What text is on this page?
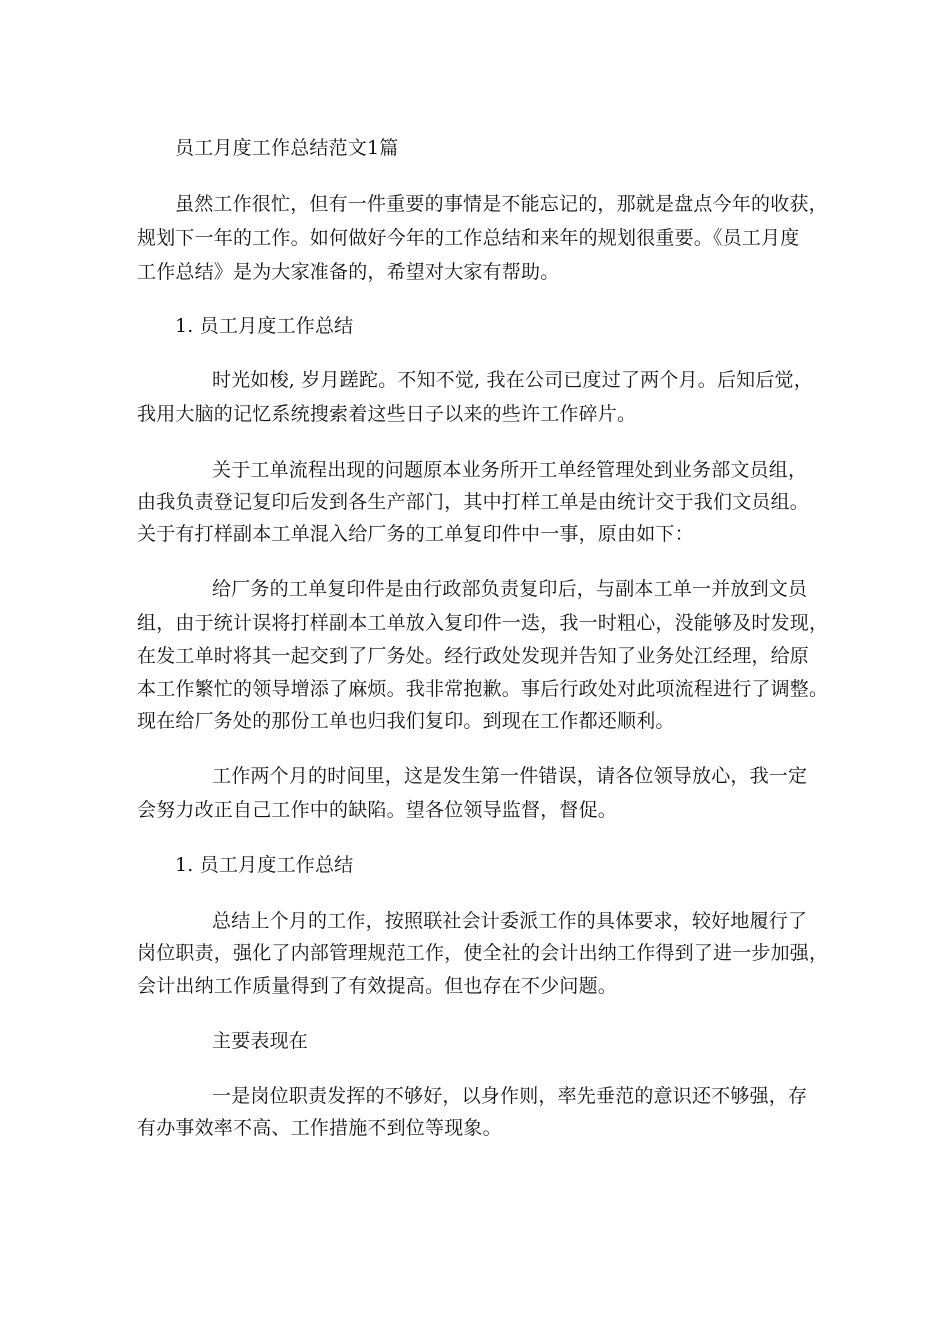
员工月度工作总结范文1篇
虽然工作很忙，但有一件重要的事情是不能忘记的，那就是盘点今年的收获，
规划下一年的工作。如何做好今年的工作总结和来年的规划很重要。《员工月度
工作总结》是为大家准备的，希望对大家有帮助。
1. 员工月度工作总结
时光如梭, 岁月蹉跎。不知不觉, 我在公司已度过了两个月。后知后觉，
我用大脑的记忆系统搜索着这些日子以来的些许工作碎片。
关于工单流程出现的问题原本业务所开工单经管理处到业务部文员组，
由我负责登记复印后发到各生产部门，其中打样工单是由统计交于我们文员组。
关于有打样副本工单混入给厂务的工单复印件中一事，原由如下：
给厂务的工单复印件是由行政部负责复印后，与副本工单一并放到文员
组，由于统计误将打样副本工单放入复印件一迭，我一时粗心，没能够及时发现，
在发工单时将其一起交到了厂务处。经行政处发现并告知了业务处江经理，给原
本工作繁忙的领导增添了麻烦。我非常抱歉。事后行政处对此项流程进行了调整。
现在给厂务处的那份工单也归我们复印。到现在工作都还顺利。
工作两个月的时间里，这是发生第一件错误，请各位领导放心，我一定
会努力改正自己工作中的缺陷。望各位领导监督，督促。
1. 员工月度工作总结
总结上个月的工作，按照联社会计委派工作的具体要求，较好地履行了
岗位职责，强化了内部管理规范工作，使全社的会计出纳工作得到了进一步加强，
会计出纳工作质量得到了有效提高。但也存在不少问题。
主要表现在
一是岗位职责发挥的不够好，以身作则，率先垂范的意识还不够强，存
有办事效率不高、工作措施不到位等现象。
